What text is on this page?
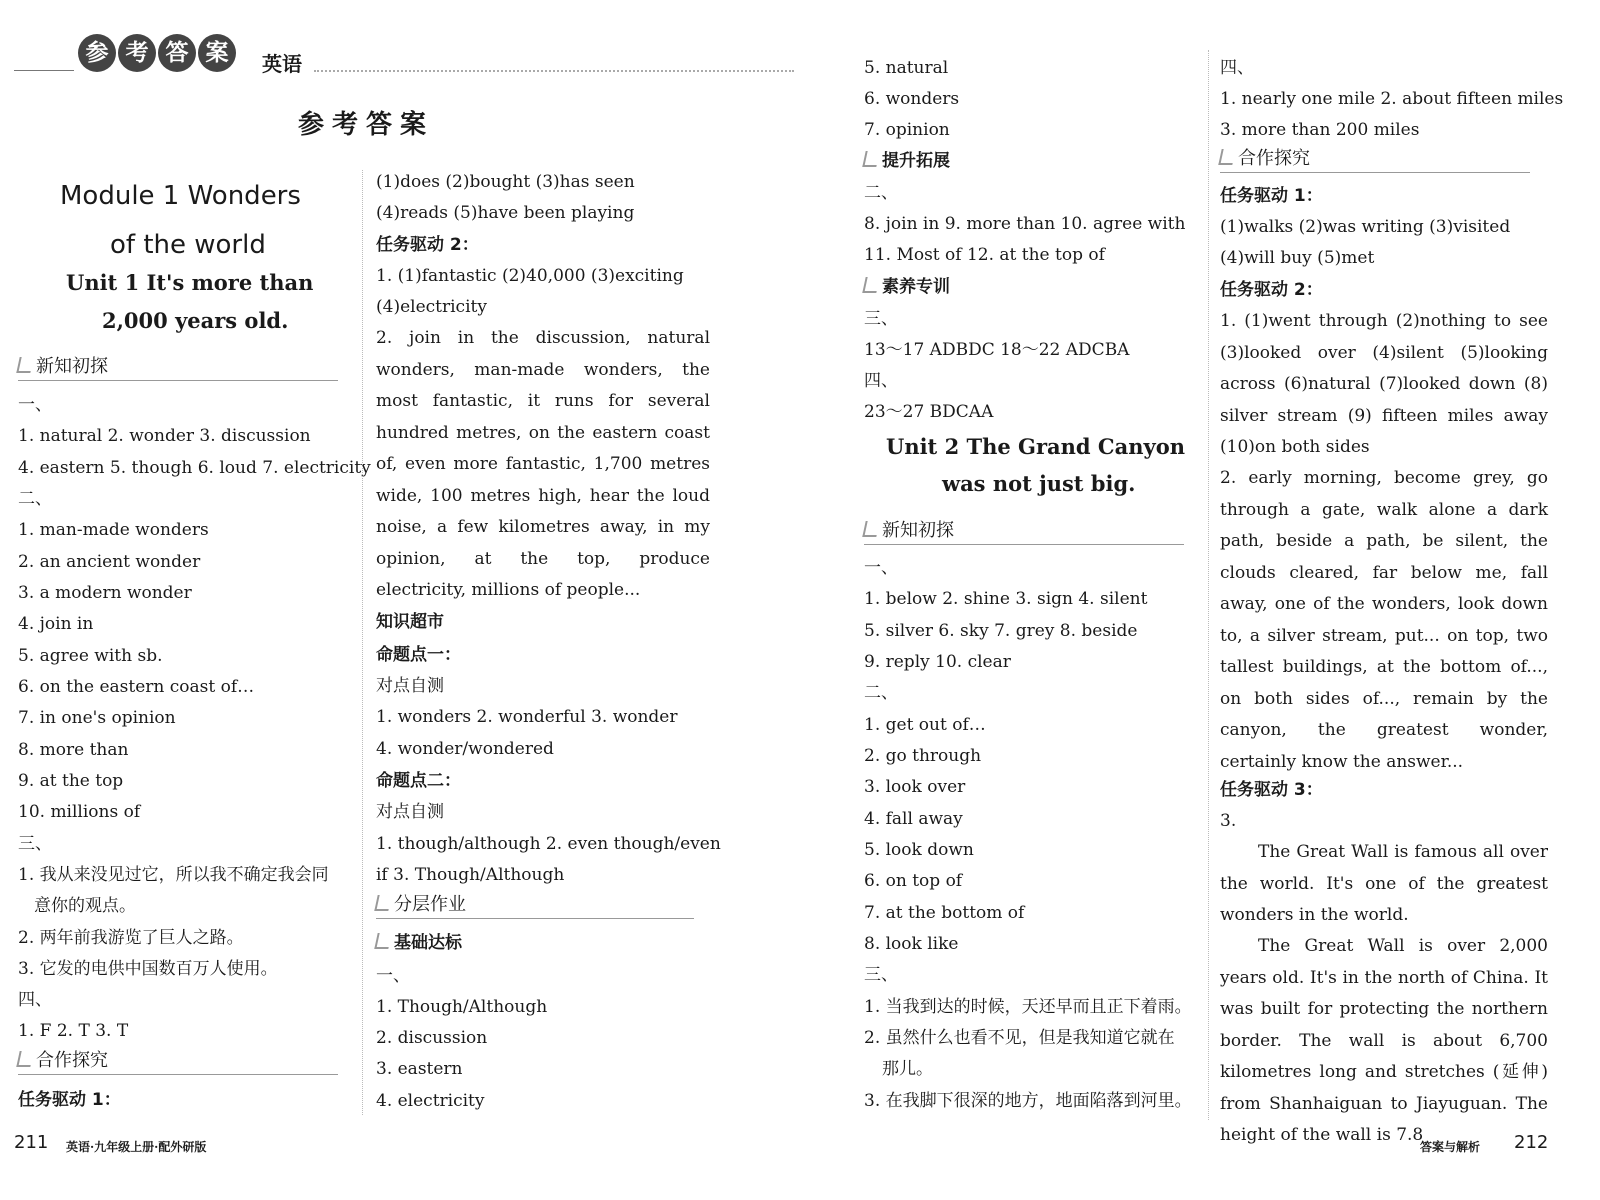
参 考 答 案	英语
参考答案
Module 1 Wonders
of the world
Unit 1 It's more than
2,000 years old.
新知初探
一、
1. natural 2. wonder 3. discussion
4. eastern 5. though 6. loud 7. electricity
二、
1. man-made wonders
2. an ancient wonder
3. a modern wonder
4. join in
5. agree with sb.
6. on the eastern coast of…
7. in one's opinion
8. more than
9. at the top
10. millions of
三、
1. 我从来没见过它，所以我不确定我会同
意你的观点。
2. 两年前我游览了巨人之路。
3. 它发的电供中国数百万人使用。
四、
1. F 2. T 3. T
合作探究
任务驱动 1：
(1)does (2)bought (3)has seen
(4)reads (5)have been playing
任务驱动 2：
1. (1)fantastic (2)40,000 (3)exciting
(4)electricity
2. join in the discussion, natural wonders, man-made wonders, the most fantastic, it runs for several hundred metres, on the eastern coast of, even more fantastic, 1,700 metres wide, 100 metres high, hear the loud noise, a few kilometres away, in my opinion, at the top, produce electricity, millions of people...
知识超市
命题点一：
对点自测
1. wonders 2. wonderful 3. wonder
4. wonder/wondered
命题点二：
对点自测
1. though/although 2. even though/even
if 3. Though/Although
分层作业
基础达标
一、
1. Though/Although
2. discussion
3. eastern
4. electricity
5. natural
6. wonders
7. opinion
提升拓展
二、
8. join in 9. more than 10. agree with
11. Most of 12. at the top of
素养专训
三、
13～17 ADBDC 18～22 ADCBA
四、
23～27 BDCAA
Unit 2 The Grand Canyon
was not just big.
新知初探
一、
1. below 2. shine 3. sign 4. silent
5. silver 6. sky 7. grey 8. beside
9. reply 10. clear
二、
1. get out of…
2. go through
3. look over
4. fall away
5. look down
6. on top of
7. at the bottom of
8. look like
三、
1. 当我到达的时候，天还早而且正下着雨。
2. 虽然什么也看不见，但是我知道它就在
那儿。
3. 在我脚下很深的地方，地面陷落到河里。
四、
1. nearly one mile 2. about fifteen miles
3. more than 200 miles
合作探究
任务驱动 1：
(1)walks (2)was writing (3)visited
(4)will buy (5)met
任务驱动 2：
1. (1)went through (2)nothing to see (3)looked over (4)silent (5)looking across (6)natural (7)looked down (8) silver stream (9) fifteen miles away (10)on both sides
2. early morning, become grey, go through a gate, walk alone a dark path, beside a path, be silent, the clouds cleared, far below me, fall away, one of the wonders, look down to, a silver stream, put... on top, two tallest buildings, at the bottom of..., on both sides of..., remain by the canyon, the greatest wonder, certainly know the answer...
任务驱动 3：
3.
The Great Wall is famous all over the world. It's one of the greatest wonders in the world.
The Great Wall is over 2,000 years old. It's in the north of China. It was built for protecting the northern border. The wall is about 6,700 kilometres long and stretches (延伸) from Shanhaiguan to Jiayuguan. The height of the wall is 7.8
211 英语·九年级上册·配外研版	答案与解析 212
